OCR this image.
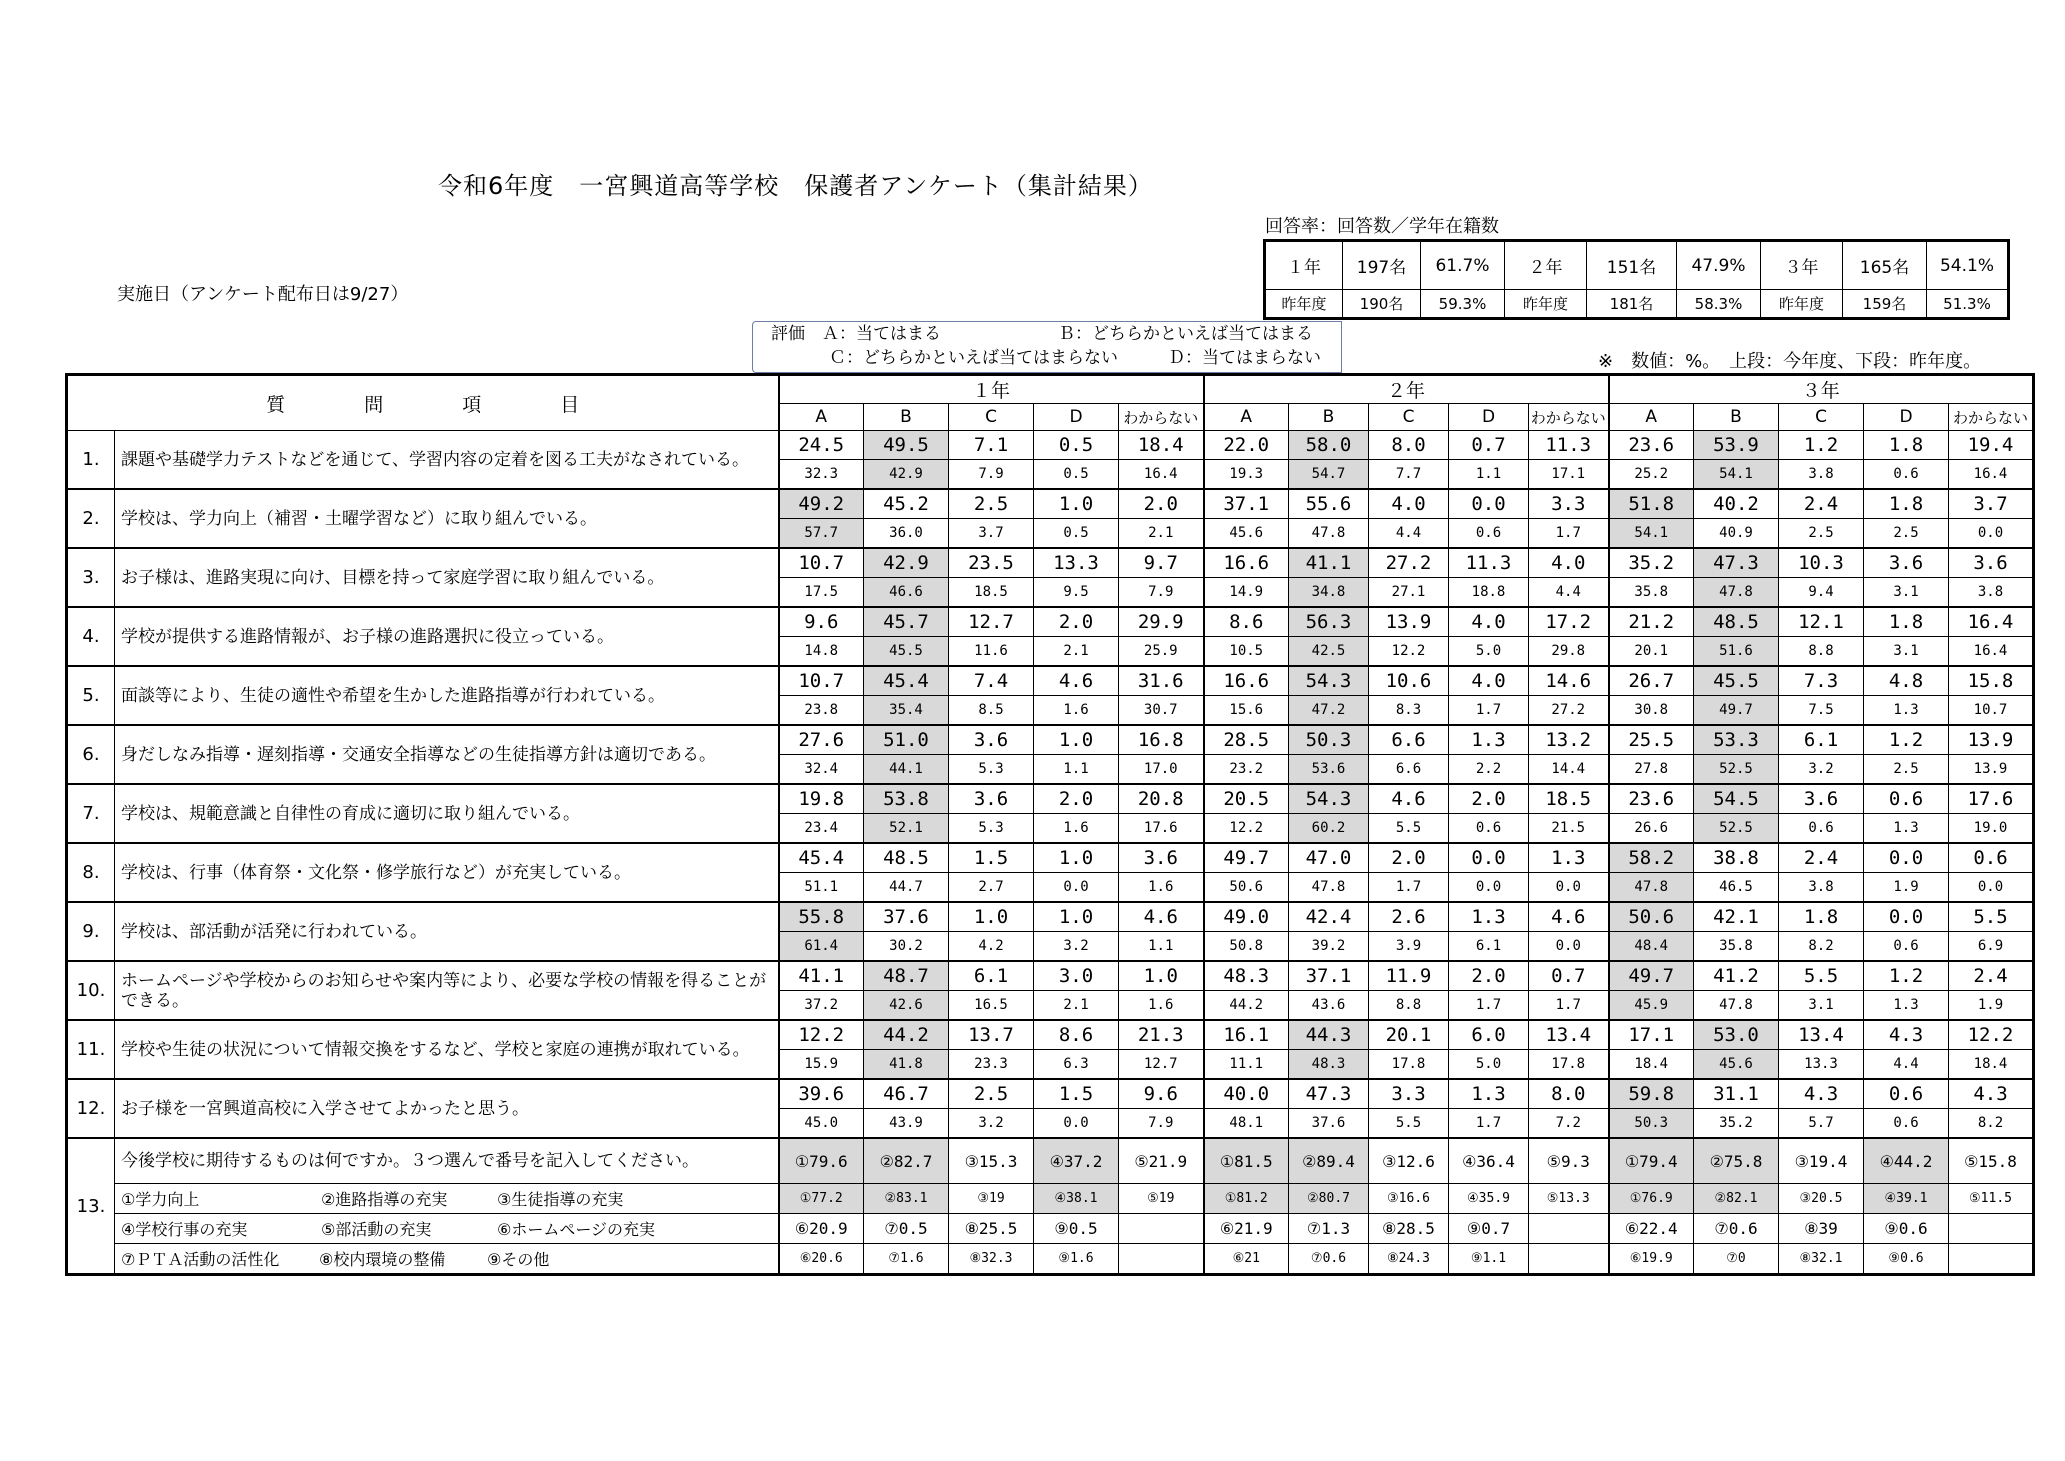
令和6年度　一宮興道高等学校　保護者アンケート（集計結果）
回答率：回答数／学年在籍数
１年	197名	61.7%	２年	151名	47.9%	３年	165名	54.1%
昨年度	190名	59.3%	昨年度	181名	58.3%	昨年度	159名	51.3%
実施日（アンケート配布日は9/27）
評価　Ａ：当てはまる	Ｂ：どちらかといえば当てはまる
Ｃ：どちらかといえば当てはまらない	Ｄ：当てはまらない	※　数値：%。　上段：今年度、下段：昨年度。
質　問　項　目		１年					２年					３年				
		A	B	C	D	わからない	A	B	C	D	わからない	A	B	C	D	わからない
1.	課題や基礎学力テストなどを通じて、学習内容の定着を図る工夫がなされている。	24.5	49.5	7.1	0.5	18.4	22.0	58.0	8.0	0.7	11.3	23.6	53.9	1.2	1.8	19.4
		32.3	42.9	7.9	0.5	16.4	19.3	54.7	7.7	1.1	17.1	25.2	54.1	3.8	0.6	16.4
2.	学校は、学力向上（補習・土曜学習など）に取り組んでいる。	49.2	45.2	2.5	1.0	2.0	37.1	55.6	4.0	0.0	3.3	51.8	40.2	2.4	1.8	3.7
		57.7	36.0	3.7	0.5	2.1	45.6	47.8	4.4	0.6	1.7	54.1	40.9	2.5	2.5	0.0
3.	お子様は、進路実現に向け、目標を持って家庭学習に取り組んでいる。	10.7	42.9	23.5	13.3	9.7	16.6	41.1	27.2	11.3	4.0	35.2	47.3	10.3	3.6	3.6
		17.5	46.6	18.5	9.5	7.9	14.9	34.8	27.1	18.8	4.4	35.8	47.8	9.4	3.1	3.8
4.	学校が提供する進路情報が、お子様の進路選択に役立っている。	9.6	45.7	12.7	2.0	29.9	8.6	56.3	13.9	4.0	17.2	21.2	48.5	12.1	1.8	16.4
		14.8	45.5	11.6	2.1	25.9	10.5	42.5	12.2	5.0	29.8	20.1	51.6	8.8	3.1	16.4
5.	面談等により、生徒の適性や希望を生かした進路指導が行われている。	10.7	45.4	7.4	4.6	31.6	16.6	54.3	10.6	4.0	14.6	26.7	45.5	7.3	4.8	15.8
		23.8	35.4	8.5	1.6	30.7	15.6	47.2	8.3	1.7	27.2	30.8	49.7	7.5	1.3	10.7
6.	身だしなみ指導・遅刻指導・交通安全指導などの生徒指導方針は適切である。	27.6	51.0	3.6	1.0	16.8	28.5	50.3	6.6	1.3	13.2	25.5	53.3	6.1	1.2	13.9
		32.4	44.1	5.3	1.1	17.0	23.2	53.6	6.6	2.2	14.4	27.8	52.5	3.2	2.5	13.9
7.	学校は、規範意識と自律性の育成に適切に取り組んでいる。	19.8	53.8	3.6	2.0	20.8	20.5	54.3	4.6	2.0	18.5	23.6	54.5	3.6	0.6	17.6
		23.4	52.1	5.3	1.6	17.6	12.2	60.2	5.5	0.6	21.5	26.6	52.5	0.6	1.3	19.0
8.	学校は、行事（体育祭・文化祭・修学旅行など）が充実している。	45.4	48.5	1.5	1.0	3.6	49.7	47.0	2.0	0.0	1.3	58.2	38.8	2.4	0.0	0.6
		51.1	44.7	2.7	0.0	1.6	50.6	47.8	1.7	0.0	0.0	47.8	46.5	3.8	1.9	0.0
9.	学校は、部活動が活発に行われている。	55.8	37.6	1.0	1.0	4.6	49.0	42.4	2.6	1.3	4.6	50.6	42.1	1.8	0.0	5.5
		61.4	30.2	4.2	3.2	1.1	50.8	39.2	3.9	6.1	0.0	48.4	35.8	8.2	0.6	6.9
10.	ホームページや学校からのお知らせや案内等により、必要な学校の情報を得ることができる。	41.1	48.7	6.1	3.0	1.0	48.3	37.1	11.9	2.0	0.7	49.7	41.2	5.5	1.2	2.4
		37.2	42.6	16.5	2.1	1.6	44.2	43.6	8.8	1.7	1.7	45.9	47.8	3.1	1.3	1.9
11.	学校や生徒の状況について情報交換をするなど、学校と家庭の連携が取れている。	12.2	44.2	13.7	8.6	21.3	16.1	44.3	20.1	6.0	13.4	17.1	53.0	13.4	4.3	12.2
		15.9	41.8	23.3	6.3	12.7	11.1	48.3	17.8	5.0	17.8	18.4	45.6	13.3	4.4	18.4
12.	お子様を一宮興道高校に入学させてよかったと思う。	39.6	46.7	2.5	1.5	9.6	40.0	47.3	3.3	1.3	8.0	59.8	31.1	4.3	0.6	4.3
		45.0	43.9	3.2	0.0	7.9	48.1	37.6	5.5	1.7	7.2	50.3	35.2	5.7	0.6	8.2
13.	今後学校に期待するものは何ですか。３つ選んで番号を記入してください。	①79.6	②82.7	③15.3	④37.2	⑤21.9	①81.5	②89.4	③12.6	④36.4	⑤9.3	①79.4	②75.8	③19.4	④44.2	⑤15.8
	①学力向上 ②進路指導の充実 ③生徒指導の充実	①77.2	②83.1	③19	④38.1	⑤19	①81.2	②80.7	③16.6	④35.9	⑤13.3	①76.9	②82.1	③20.5	④39.1	⑤11.5
	④学校行事の充実 ⑤部活動の充実 ⑥ホームページの充実	⑥20.9	⑦0.5	⑧25.5	⑨0.5		⑥21.9	⑦1.3	⑧28.5	⑨0.7		⑥22.4	⑦0.6	⑧39	⑨0.6	
	⑦ＰＴＡ活動の活性化 ⑧校内環境の整備 ⑨その他	⑥20.6	⑦1.6	⑧32.3	⑨1.6		⑥21	⑦0.6	⑧24.3	⑨1.1		⑥19.9	⑦0	⑧32.1	⑨0.6	
